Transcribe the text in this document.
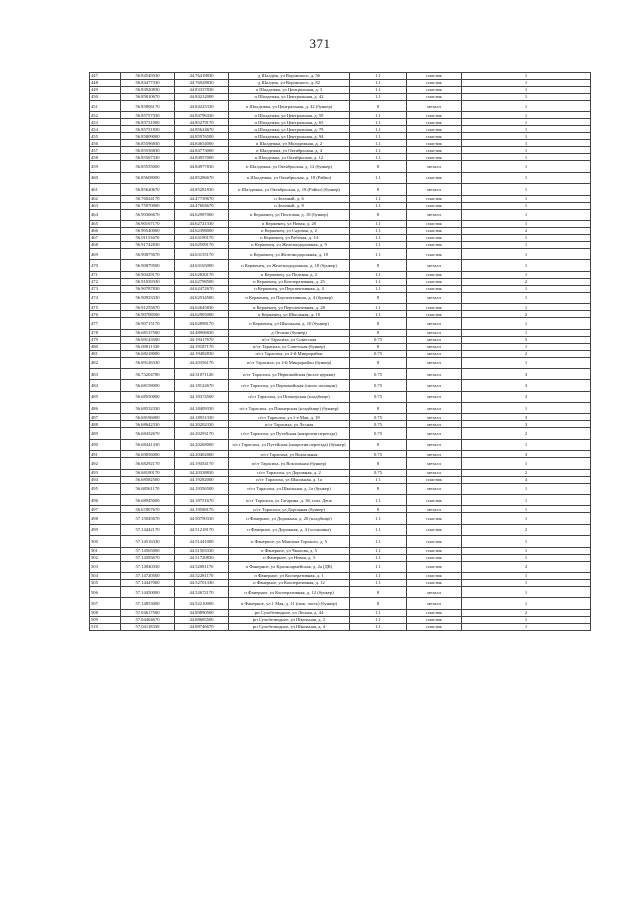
371
447	56.84549330	44.76418830	д Шалдеж, ул Воровского, д. 56	1.1	пластик	1
448	56.84477330	44.76928830	д Шалдеж, ул Воровского, д. 82	1.1	пластик	1
449	56.83920830	44.83337830	п Шалдежка, ул Центральная, д. 3	1.1	пластик	1
450	56.85810670	44.84212000	п Шалдежка, ул Центральная, д. 42	1.1	пластик	1
451	56.85806170	44.84225330	п Шалдежка, ул Центральная, д. 42 (бункер)	8	металл	1
452	56.85757330	44.84796330	п Шалдежка, ул Центральная, д. 59	1.1	пластик	1
453	56.85731000	44.85279170	п Шалдежка, ул Центральная, д. 65	1.1	пластик	1
454	56.85751830	44.85624670	п Шалдежка, ул Центральная, д. 79	1.1	пластик	1
455	56.85809000	44.85976500	п Шалдежка, ул Центральная, д. 94	1.1	пластик	1
456	56.85596830	44.84654000	п Шалдежка, ул Молодежная, д. 2	1.1	пластик	1
457	56.85556830	44.84773000	п Шалдежка, ул Октябрьская, д. 4	1.1	пластик	1
458	56.85567330	44.84957000	п Шалдежка, ул Октябрьская, д. 12	1.1	пластик	1
459	56.85555000	44.84977830	п Шалдежка, ул Октябрьская, д. 12 (бункер)	8	металл	1
460	56.85608000	44.85286670	п Шалдежка, ул Октябрьская, д. 18 (Райпо)	1.1	пластик	1
461	56.85620670	44.85281830	п Шалдежка, ул Октябрьская, д. 18 (Райпо) (бункер)	8	металл	1
462	56.76024170	44.47739670	п Зеленый, д. 6	1.1	пластик	1
463	56.75970000	44.47604670	п Зеленый, д. 8	1.1	пластик	1
464	56.90366670	44.62987000	п Керженец, ул Почтовая, д. 18 (бункер)	8	металл	1
465	56.90167170	44.62721330	п Керженец, ул Новая, д. 20	1.1	пластик	1
466	56.90540000	44.62398000	п Керженец, ул Садовая, д. 2	1.1	пластик	2
467	56.91153670	44.63190170	п Керженец, ул Рабочая, д. 14	1.1	пластик	1
468	56.91742830	44.62509170	п Керженец, ул Железнодорожная, д. 9	1.1	пластик	1
469	56.90875670	44.63155170	п Керженец, ул Железнодорожная, д. 18	1.1	пластик	1
470	56.90879500	44.63165000	п Керженец, ул Железнодорожная, д. 18 (бункер)	8	металл	1
471	56.90429170	44.62830170	п Керженец, ул Полевая, д. 2	1.1	пластик	1
472	56.91039330	44.62798500	п Керженец, ул Кооперативная, д. 25	1.1	пластик	2
473	56.90787830	44.62472670	п Керженец, ул Перспективная, д. 4	1.1	пластик	1
474	56.90933330	44.62534500	п Керженец, ул Перспективная, д. 4 (бункер)	8	металл	1
475	56.91255670	44.62645830	п Керженец, ул Перспективная, д. 28	1.1	пластик	1
476	56.90708500	44.62905000	п Керженец, ул Школьная, д. 10	1.1	пластик	2
477	56.90715170	44.62898170	п Керженец, ул Школьная, д. 10 (бункер)	8	металл	1
478	56.68137500	44.48906830	д Лесино (бункер)	8	металл	1
479	56.69143500	44.19417670	п/ст Тарасиха, ул Советская	0.75	металл	5
480	56.69011330	44.19187170	п/ст Тарасиха, ул Советская (бункер)	8	металл	1
481	56.68218000	44.19482830	п/ст Тарасиха, ул 2-й Микрорайон	0.75	металл	2
482	56.69126330	44.20356170	п/ст Тарасиха, ул 2-й Микрорайон (бункер)	8	металл	1
483	56.73204780	44.31071120	п/ст Тарасиха, ул Первомайская (возле церкви)	0.75	металл	3
484	56.68158000	44.18122670	п/ст Тарасиха, ул Первомайская (около полиции)	0.75	металл	3
485	56.68550000	44.18374500	п/ст Тарасиха, ул Пионерская (кладбище)	0.75	металл	3
486	56.68532330	44.18409330	п/ст Тарасиха, ул Пионерская (кладбище) (бункер)	8	металл	1
487	56.68196000	44.18931330	п/ст Тарасиха, ул 1-е Мая, д. 18	0.75	металл	3
488	56.68642330	44.20202330	п/ст Тарасиха, ул Лесная	0.75	металл	3
489	56.68432670	44.20293170	п/ст Тарасиха, ул Путейская (напротив переезда)	0.75	металл	2
490	56.68441330	44.20268000	п/ст Тарасиха, ул Путейская (напротив переезда) (бункер)	8	металл	1
491	56.69056000	44.20402000	п/ст Тарасиха, ул Вокзальная	0.75	металл	3
492	56.68292170	44.19454170	п/ст Тарасиха, ул Вокзальная (бункер)	8	металл	1
493	56.68100170	44.20338830	п/ст Тарасиха, ул Дорожная, д. 2	0.75	металл	2
494	56.68582500	44.19282000	п/ст Тарасиха, ул Школьная, д. 1а	1.1	пластик	4
495	56.68561170	44.19356500	п/ст Тарасиха, ул Школьная, д. 1а (бункер)	8	металл	1
496	56.68945000	44.18751670	п/ст Тарасиха, ул Гагарина, д. 36, пом. Депо	1.1	пластик	1
497	56.67807670	44.19588170	п/ст Тарасиха, ул Дорожная (бункер)	8	металл	1
498	57.15045670	44.50790330	п Фанерное, ул Дорожная, д. 20 (кладбище)	1.1	пластик	1
499	57.14442170	44.51218170	п Фанерное, ул Дорожная, д. 4 (остановка)	1.1	пластик	2
500	57.14516330	44.51441000	п Фанерное, ул Максима Горького, д. 5	1.1	пластик	1
501	57.14565000	44.51503330	п Фанерное, ул Чкалова, д. 5	1.1	пластик	1
502	57.14583670	44.51720830	п Фанерное, ул Новая, д. 3	1.1	пластик	1
503	57.14940330	44.52081170	п Фанерное, ул Красноармейская, д. 2а (ДК)	1.1	пластик	2
504	57.14720500	44.52281170	п Фанерное, ул Кооперативная, д. 1	1.1	пластик	1
505	57.14447000	44.52701330	п Фанерное, ул Кооперативная, д. 12	1.1	пластик	1
506	57.14450000	44.52672170	п Фанерное, ул Кооперативная, д. 12 (бункер)	8	металл	1
507	57.14853000	44.52210000	п Фанерное, ул 1 Мая, д. 11 (пож. часть) (бункер)	8	металл	1
508	57.04617500	44.89890500	рп Сухобезводное, ул Лесная, д. 44	1.1	пластик	2
509	57.04404670	44.88685500	рп Сухобезводное, ул Школьная, д. 2	1.1	пластик	1
510	57.04118330	44.88746670	рп Сухобезводное, ул Школьная, д. 4	1.1	пластик	1
